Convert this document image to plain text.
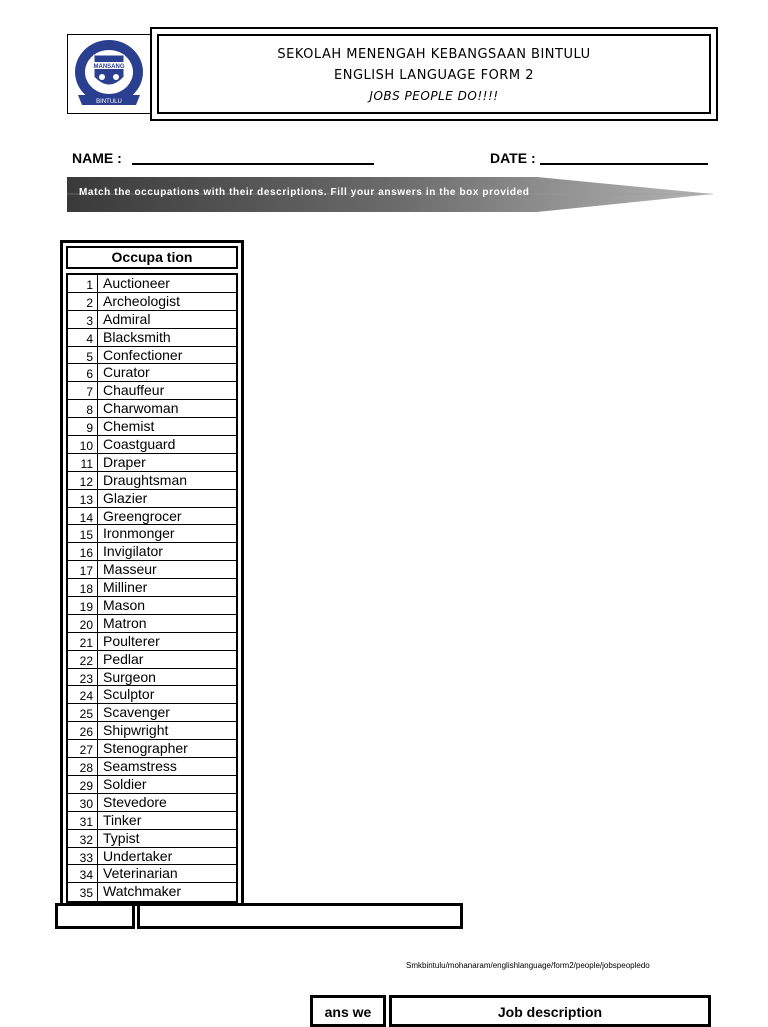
MANSANG
BINTULU
SEKOLAH MENENGAH KEBANGSAAN BINTULU
ENGLISH LANGUAGE FORM 2
JOBS PEOPLE DO!!!!
NAME :	DATE :
Match the occupations with their descriptions. Fill your answers in the box provided
Occupa tion
1 Auctioneer
2 Archeologist
3 Admiral
4 Blacksmith
5 Confectioner
6 Curator
7 Chauffeur
8 Charwoman
9 Chemist
10 Coastguard
11 Draper
12 Draughtsman
13 Glazier
14 Greengrocer
15 Ironmonger
16 Invigilator
17 Masseur
18 Milliner
19 Mason
20 Matron
21 Poulterer
22 Pedlar
23 Surgeon
24 Sculptor
25 Scavenger
26 Shipwright
27 Stenographer
28 Seamstress
29 Soldier
30 Stevedore
31 Tinker
32 Typist
33 Undertaker
34 Veterinarian
35 Watchmaker
Smkbintulu/mohanaram/englishlanguage/form2/people/jobspeopledo
ans we	Job description
